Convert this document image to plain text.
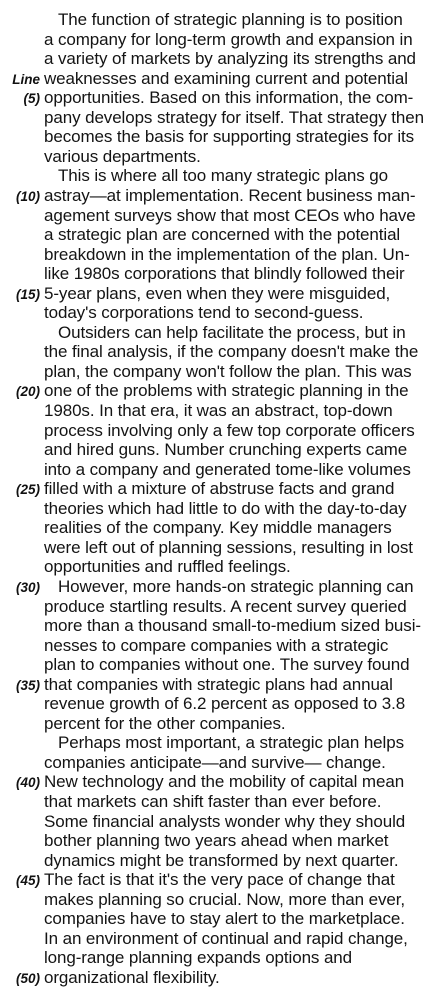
The function of strategic planning is to position
a company for long-term growth and expansion in
a variety of markets by analyzing its strengths and
Line weaknesses and examining current and potential
(5) opportunities. Based on this information, the com-
pany develops strategy for itself. That strategy then
becomes the basis for supporting strategies for its
various departments.
This is where all too many strategic plans go
(10) astray—at implementation. Recent business man-
agement surveys show that most CEOs who have
a strategic plan are concerned with the potential
breakdown in the implementation of the plan. Un-
like 1980s corporations that blindly followed their
(15) 5-year plans, even when they were misguided,
today's corporations tend to second-guess.
Outsiders can help facilitate the process, but in
the final analysis, if the company doesn't make the
plan, the company won't follow the plan. This was
(20) one of the problems with strategic planning in the
1980s. In that era, it was an abstract, top-down
process involving only a few top corporate officers
and hired guns. Number crunching experts came
into a company and generated tome-like volumes
(25) filled with a mixture of abstruse facts and grand
theories which had little to do with the day-to-day
realities of the company. Key middle managers
were left out of planning sessions, resulting in lost
opportunities and ruffled feelings.
(30) However, more hands-on strategic planning can
produce startling results. A recent survey queried
more than a thousand small-to-medium sized busi-
nesses to compare companies with a strategic
plan to companies without one. The survey found
(35) that companies with strategic plans had annual
revenue growth of 6.2 percent as opposed to 3.8
percent for the other companies.
Perhaps most important, a strategic plan helps
companies anticipate—and survive— change.
(40) New technology and the mobility of capital mean
that markets can shift faster than ever before.
Some financial analysts wonder why they should
bother planning two years ahead when market
dynamics might be transformed by next quarter.
(45) The fact is that it's the very pace of change that
makes planning so crucial. Now, more than ever,
companies have to stay alert to the marketplace.
In an environment of continual and rapid change,
long-range planning expands options and
(50) organizational flexibility.
